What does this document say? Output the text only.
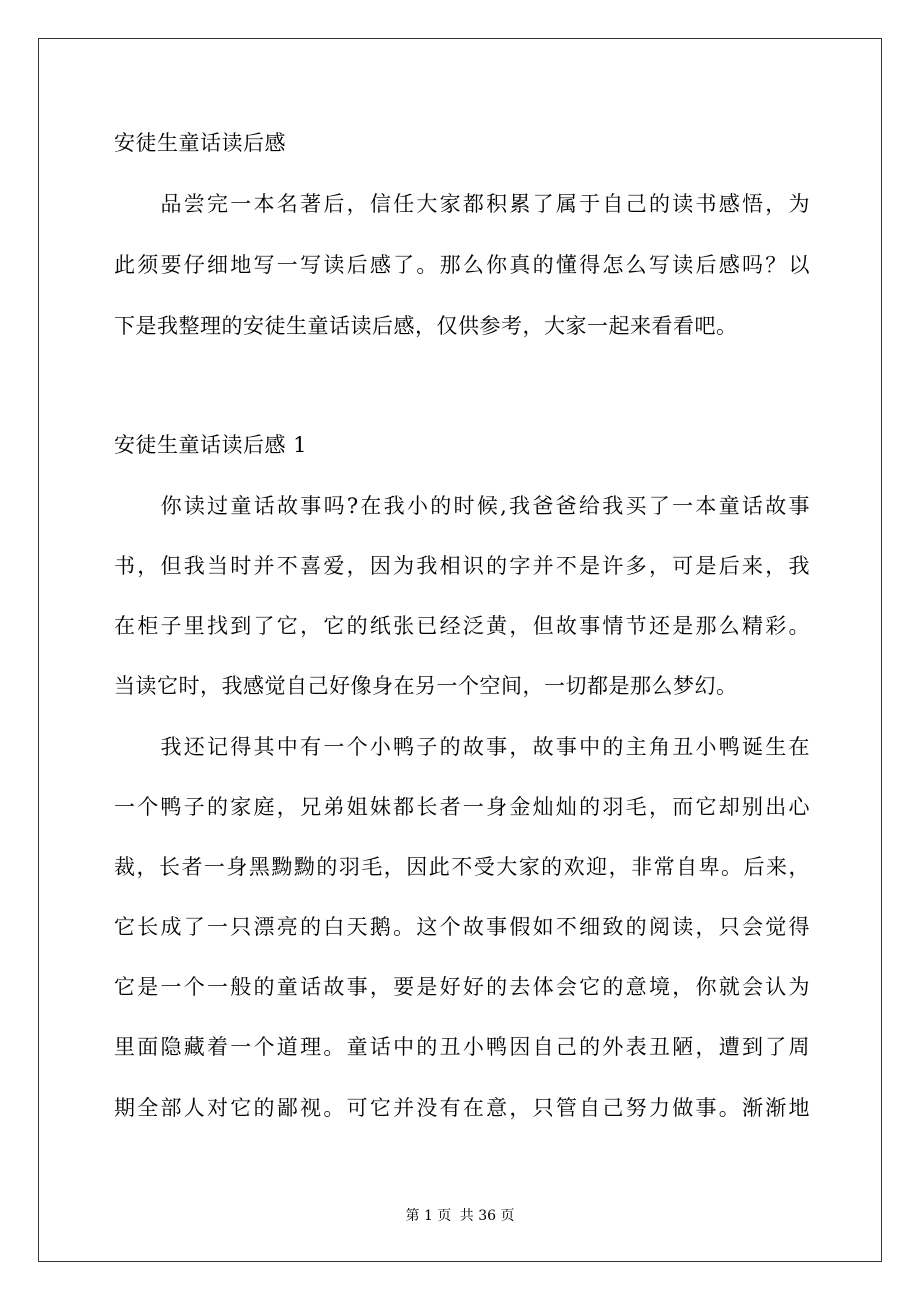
安徒生童话读后感
　　品尝完一本名著后，信任大家都积累了属于自己的读书感悟，为
此须要仔细地写一写读后感了。那么你真的懂得怎么写读后感吗？以
下是我整理的安徒生童话读后感，仅供参考，大家一起来看看吧。
安徒生童话读后感 1
　　你读过童话故事吗?在我小的时候,我爸爸给我买了一本童话故事
书，但我当时并不喜爱，因为我相识的字并不是许多，可是后来，我
在柜子里找到了它，它的纸张已经泛黄，但故事情节还是那么精彩。
当读它时，我感觉自己好像身在另一个空间，一切都是那么梦幻。
　　我还记得其中有一个小鸭子的故事，故事中的主角丑小鸭诞生在
一个鸭子的家庭，兄弟姐妹都长者一身金灿灿的羽毛，而它却别出心
裁，长者一身黑黝黝的羽毛，因此不受大家的欢迎，非常自卑。后来，
它长成了一只漂亮的白天鹅。这个故事假如不细致的阅读，只会觉得
它是一个一般的童话故事，要是好好的去体会它的意境，你就会认为
里面隐藏着一个道理。童话中的丑小鸭因自己的外表丑陋，遭到了周
期全部人对它的鄙视。可它并没有在意，只管自己努力做事。渐渐地
第 1 页 共 36 页
